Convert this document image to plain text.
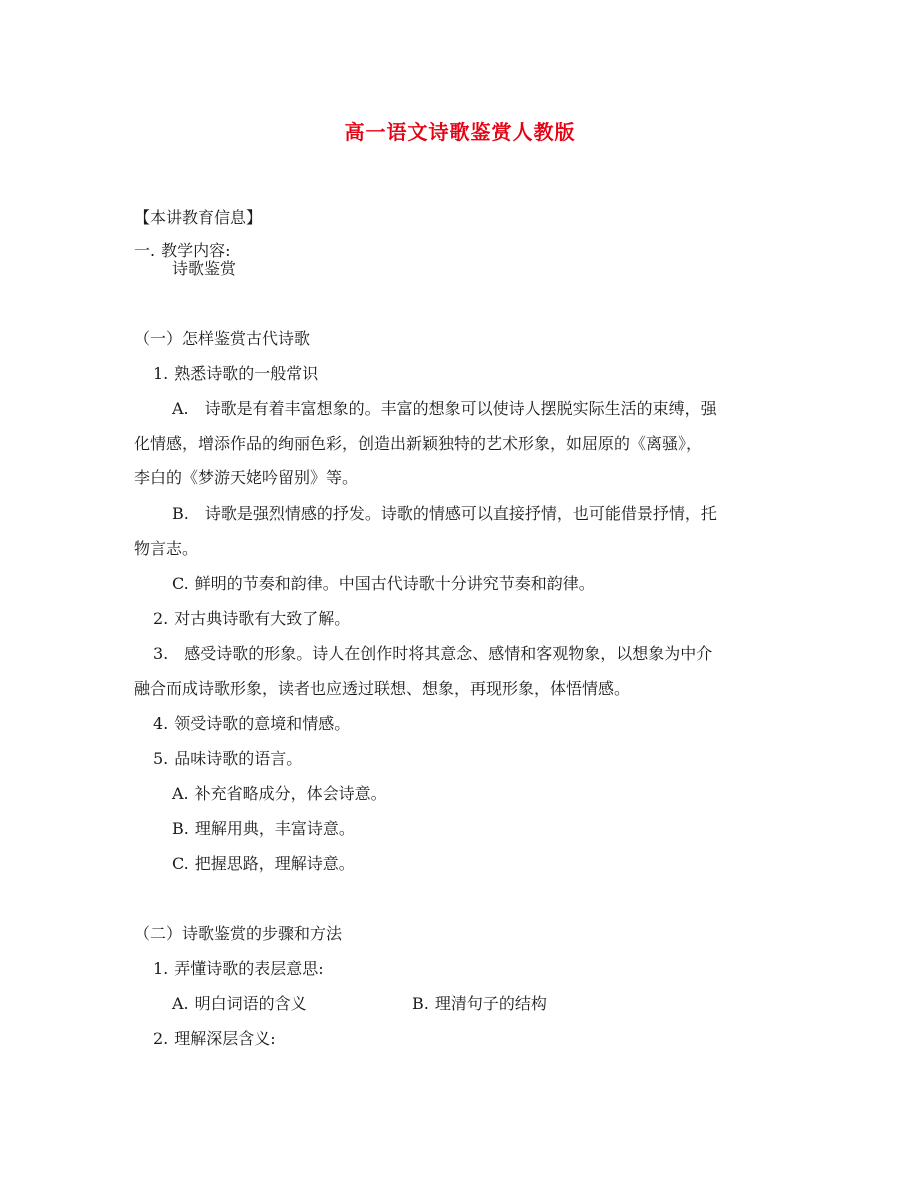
高一语文诗歌鉴赏人教版
【本讲教育信息】
一. 教学内容:
诗歌鉴赏
（一）怎样鉴赏古代诗歌
1. 熟悉诗歌的一般常识
A. 诗歌是有着丰富想象的。丰富的想象可以使诗人摆脱实际生活的束缚，强
化情感，增添作品的绚丽色彩，创造出新颖独特的艺术形象，如屈原的《离骚》，
李白的《梦游天姥吟留别》等。
B. 诗歌是强烈情感的抒发。诗歌的情感可以直接抒情，也可能借景抒情，托
物言志。
C. 鲜明的节奏和韵律。中国古代诗歌十分讲究节奏和韵律。
2. 对古典诗歌有大致了解。
3. 感受诗歌的形象。诗人在创作时将其意念、感情和客观物象，以想象为中介
融合而成诗歌形象，读者也应透过联想、想象，再现形象，体悟情感。
4. 领受诗歌的意境和情感。
5. 品味诗歌的语言。
A. 补充省略成分，体会诗意。
B. 理解用典，丰富诗意。
C. 把握思路，理解诗意。
（二）诗歌鉴赏的步骤和方法
1. 弄懂诗歌的表层意思:
A. 明白词语的含义	B. 理清句子的结构
2. 理解深层含义:
